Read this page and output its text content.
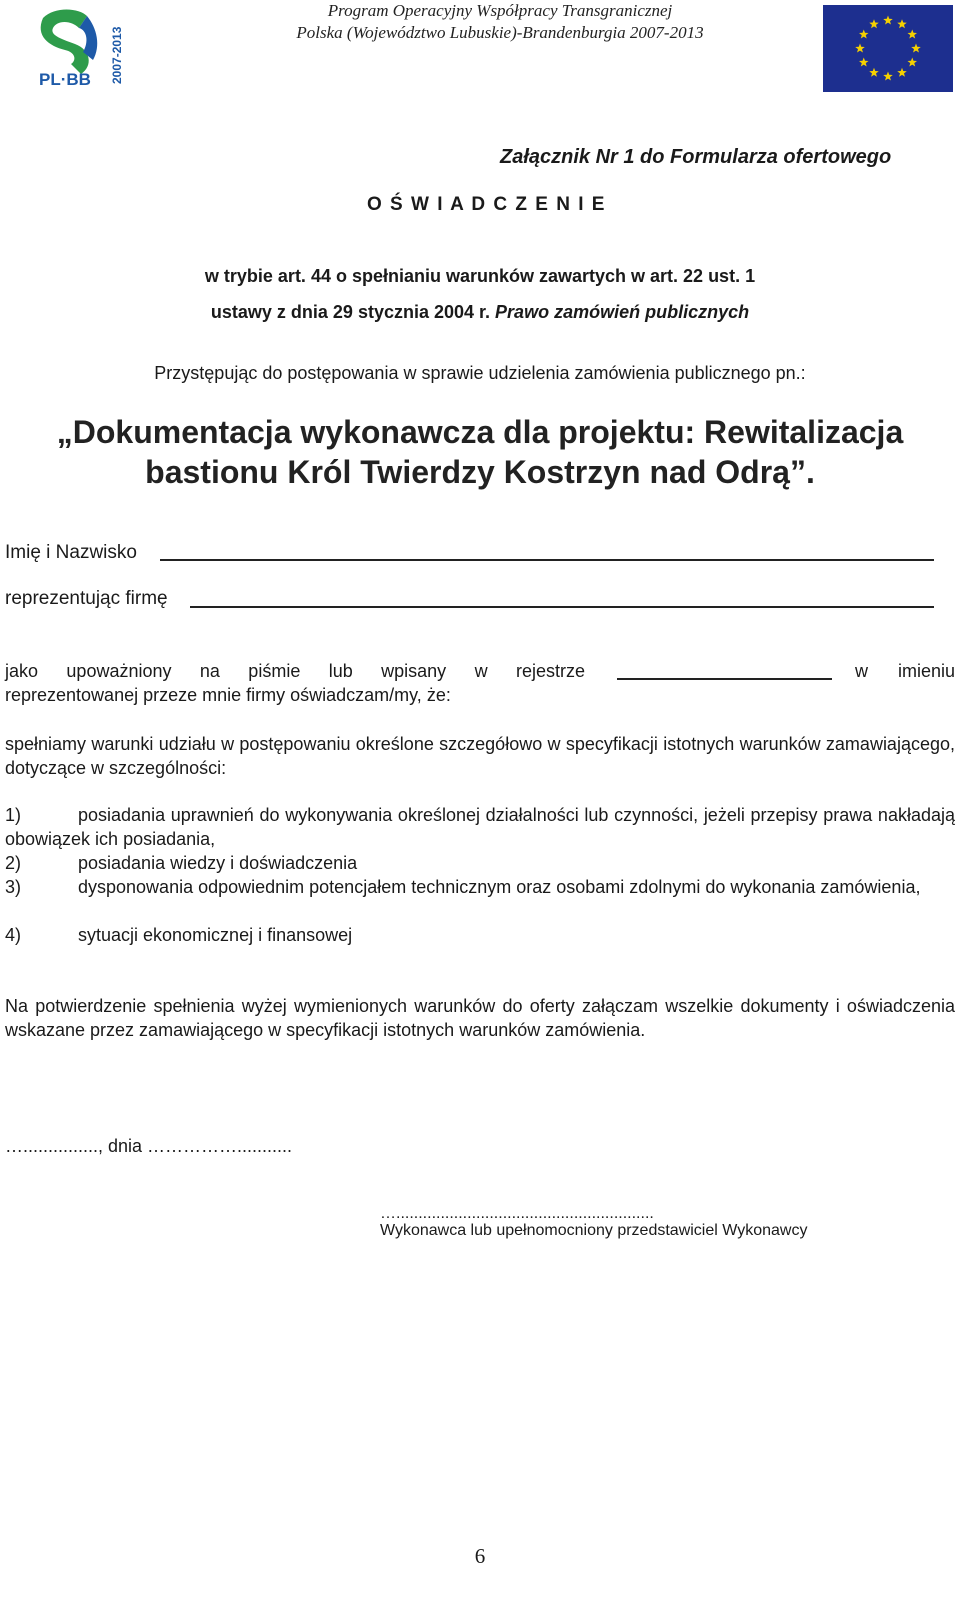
PL·BB 2007-2013
Program Operacyjny Współpracy Transgranicznej
Polska (Województwo Lubuskie)-Brandenburgia 2007-2013
Załącznik Nr 1 do Formularza ofertowego
O Ś W I A D C Z E N I E
w trybie art. 44 o spełnianiu warunków zawartych w art. 22 ust. 1
ustawy z dnia 29 stycznia 2004 r. Prawo zamówień publicznych
Przystępując do postępowania w sprawie udzielenia zamówienia publicznego pn.:
„Dokumentacja wykonawcza dla projektu: Rewitalizacja
bastionu Król Twierdzy Kostrzyn nad Odrą”.
Imię i Nazwisko
reprezentując firmę
jako upoważniony na piśmie lub wpisany w rejestrze	w imieniu
reprezentowanej przeze mnie firmy oświadczam/my, że:
spełniamy warunki udziału w postępowaniu określone szczegółowo w specyfikacji istotnych warunków zamawiającego, dotyczące w szczególności:
1)	posiadania uprawnień do wykonywania określonej działalności lub czynności, jeżeli przepisy prawa nakładają obowiązek ich posiadania,
2)	posiadania wiedzy i doświadczenia
3)	dysponowania odpowiednim potencjałem technicznym oraz osobami zdolnymi do wykonania zamówienia,
4)	sytuacji ekonomicznej i finansowej
Na potwierdzenie spełnienia wyżej wymienionych warunków do oferty załączam wszelkie dokumenty i oświadczenia wskazane przez zamawiającego w specyfikacji istotnych warunków zamówienia.
…..............., dnia ……………...........
…..........................................................
Wykonawca lub upełnomocniony przedstawiciel Wykonawcy
6
